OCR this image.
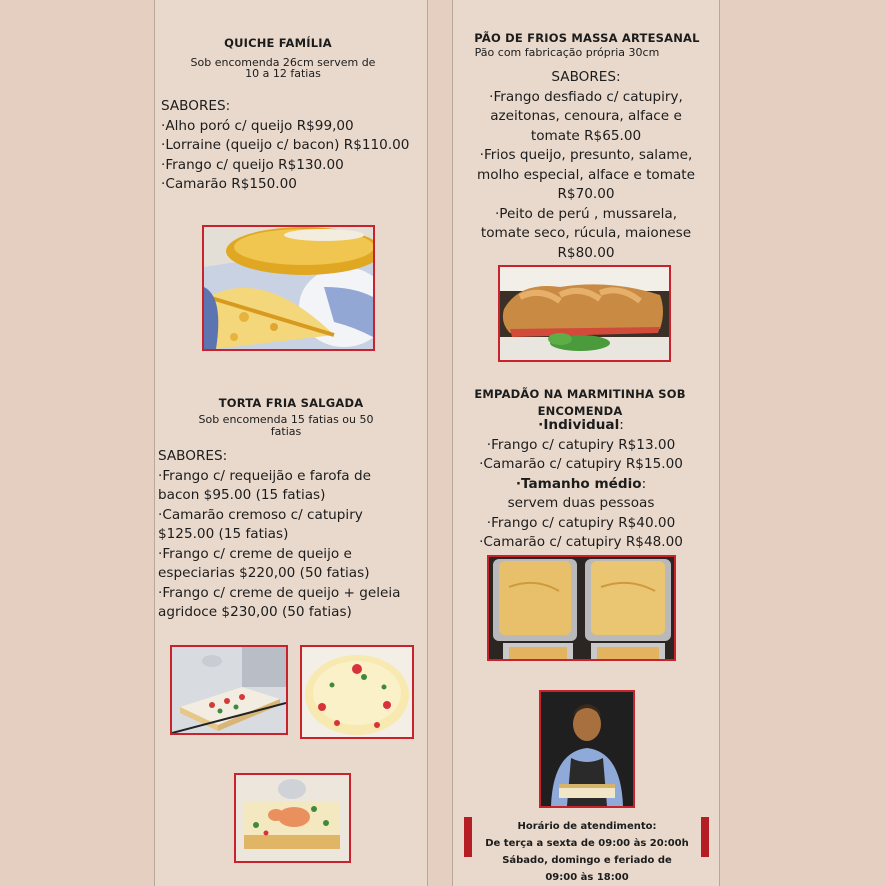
QUICHE FAMÍLIA
Sob encomenda 26cm servem de
10 a 12 fatias
SABORES:
·Alho poró c/ queijo R$99,00
·Lorraine (queijo c/ bacon) R$110.00
·Frango c/ queijo R$130.00
·Camarão R$150.00
TORTA FRIA SALGADA
Sob encomenda 15 fatias ou 50
fatias
SABORES:
·Frango c/ requeijão e farofa de
bacon $95.00 (15 fatias)
·Camarão cremoso c/ catupiry
$125.00 (15 fatias)
·Frango c/ creme de queijo e
especiarias $220,00 (50 fatias)
·Frango c/ creme de queijo + geleia
agridoce $230,00 (50 fatias)
PÃO DE FRIOS MASSA ARTESANAL
Pão com fabricação própria 30cm
SABORES:
·Frango desfiado c/ catupiry,
azeitonas, cenoura, alface e
tomate R$65.00
·Frios queijo, presunto, salame,
molho especial, alface e tomate
R$70.00
·Peito de perú , mussarela,
tomate seco, rúcula, maionese
R$80.00
EMPADÃO NA MARMITINHA SOB
ENCOMENDA
·Individual:
·Frango c/ catupiry R$13.00
·Camarão c/ catupiry R$15.00
·Tamanho médio:
servem duas pessoas
·Frango c/ catupiry R$40.00
·Camarão c/ catupiry R$48.00
Horário de atendimento:
De terça a sexta de 09:00 às 20:00h
Sábado, domingo e feriado de
09:00 às 18:00
